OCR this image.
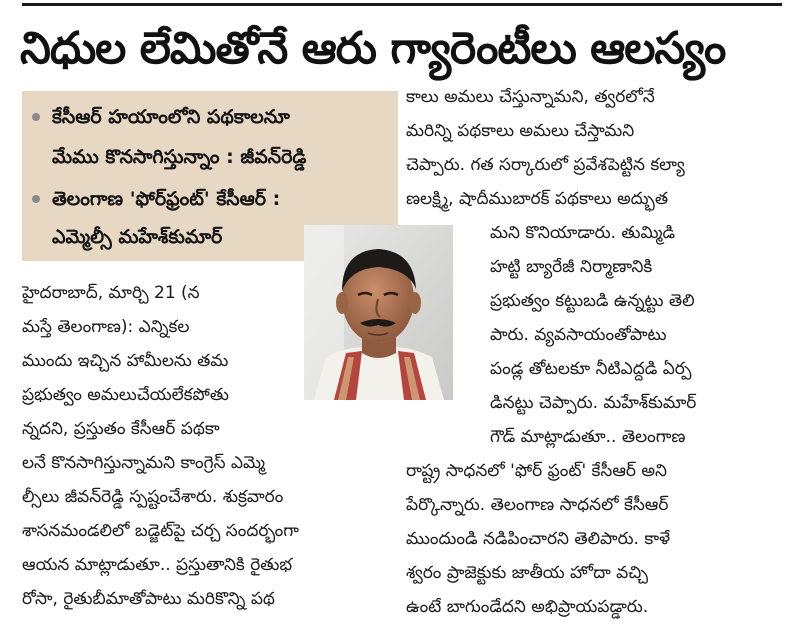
నిధుల లేమితోనే ఆరు గ్యారెంటీలు ఆలస్యం
కేసీఆర్ హయాంలోని పథకాలనూ
మేము కొనసాగిస్తున్నాం : జీవన్‌రెడ్డి
తెలంగాణ 'ఫోర్‌ఫ్రంట్' కేసీఆర్ :
ఎమ్మెల్సీ మహేశ్‌కుమార్
హైదరాబాద్, మార్చి 21 (న
మస్తే తెలంగాణ): ఎన్నికల
ముందు ఇచ్చిన హామీలను తమ
ప్రభుత్వం అమలుచేయలేకపోతు
న్నదని, ప్రస్తుతం కేసీఆర్ పథకా
లనే కొనసాగిస్తున్నామని కాంగ్రెస్ ఎమ్మె
ల్సీలు జీవన్‌రెడ్డి స్పష్టంచేశారు. శుక్రవారం
శాసనమండలిలో బడ్జెట్‌పై చర్చ సందర్భంగా
ఆయన మాట్లాడుతూ.. ప్రస్తుతానికి రైతుభ
రోసా, రైతుబీమాతోపాటు మరికొన్ని పథ
కాలు అమలు చేస్తున్నామని, త్వరలోనే
మరిన్ని పథకాలు అమలు చేస్తామని
చెప్పారు. గత సర్కారులో ప్రవేశపెట్టిన కల్యా
ణలక్ష్మి, షాదీముబారక్ పథకాలు అద్భుత
మని కొనియాడారు. తుమ్మిడి
హట్టి బ్యారేజీ నిర్మాణానికి
ప్రభుత్వం కట్టుబడి ఉన్నట్టు తెలి
పారు. వ్యవసాయంతోపాటు
పండ్ల తోటలకూ నీటిఎద్దడి ఏర్ప
డినట్టు చెప్పారు. మహేశ్‌కుమార్
గౌడ్ మాట్లాడుతూ.. తెలంగాణ
రాష్ట్ర సాధనలో 'ఫోర్ ఫ్రంట్' కేసీఆర్ అని
పేర్కొన్నారు. తెలంగాణ సాధనలో కేసీఆర్
ముందుండి నడిపించారని తెలిపారు. కాళే
శ్వరం ప్రాజెక్టుకు జాతీయ హోదా వచ్చి
ఉంటే బాగుండేదని అభిప్రాయపడ్డారు.
